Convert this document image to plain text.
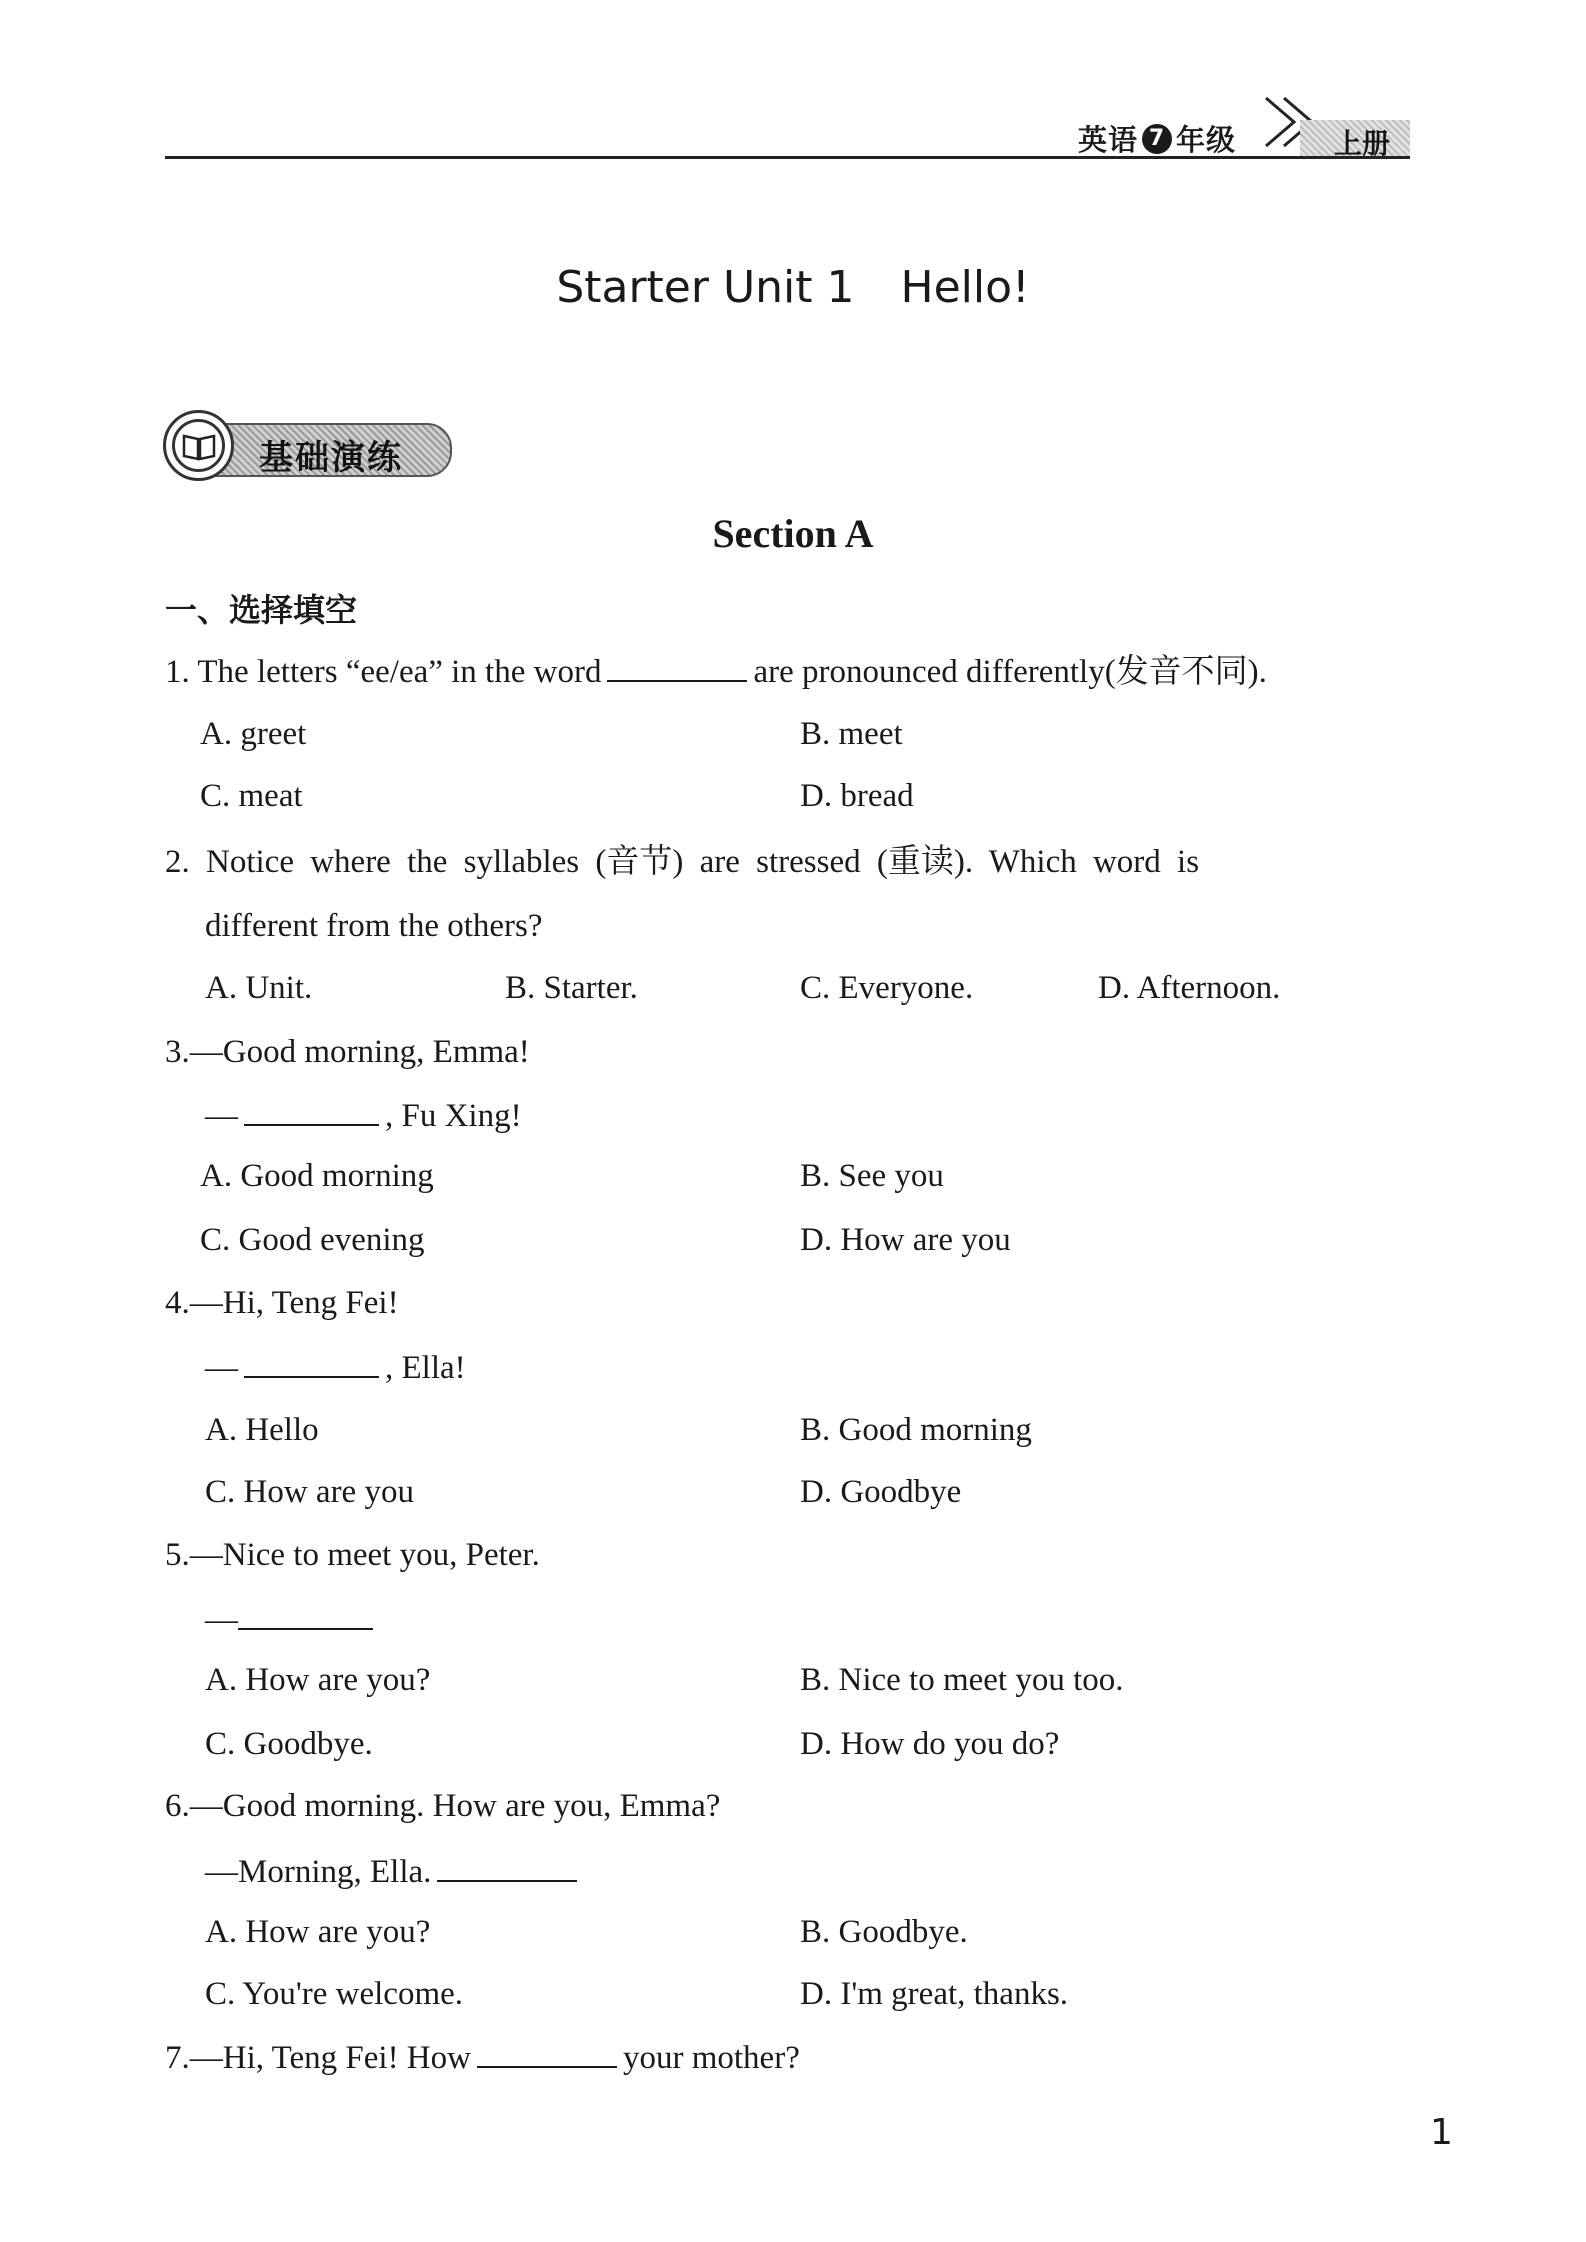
英语 7 年级	上册
Starter Unit 1 Hello!
基础演练
Section A
一、选择填空
1. The letters “ee/ea” in the word	are pronounced differently(发音不同).
A. greet	B. meet
C. meat	D. bread
2. Notice where the syllables (音节) are stressed (重读). Which word is
different from the others?
A. Unit.	B. Starter.	C. Everyone.	D. Afternoon.
3.—Good morning, Emma!
—	, Fu Xing!
A. Good morning	B. See you
C. Good evening	D. How are you
4.—Hi, Teng Fei!
—	, Ella!
A. Hello	B. Good morning
C. How are you	D. Goodbye
5.—Nice to meet you, Peter.
—
A. How are you?	B. Nice to meet you too.
C. Goodbye.	D. How do you do?
6.—Good morning. How are you, Emma?
—Morning, Ella.
A. How are you?	B. Goodbye.
C. You're welcome.	D. I'm great, thanks.
7.—Hi, Teng Fei! How	your mother?
1
